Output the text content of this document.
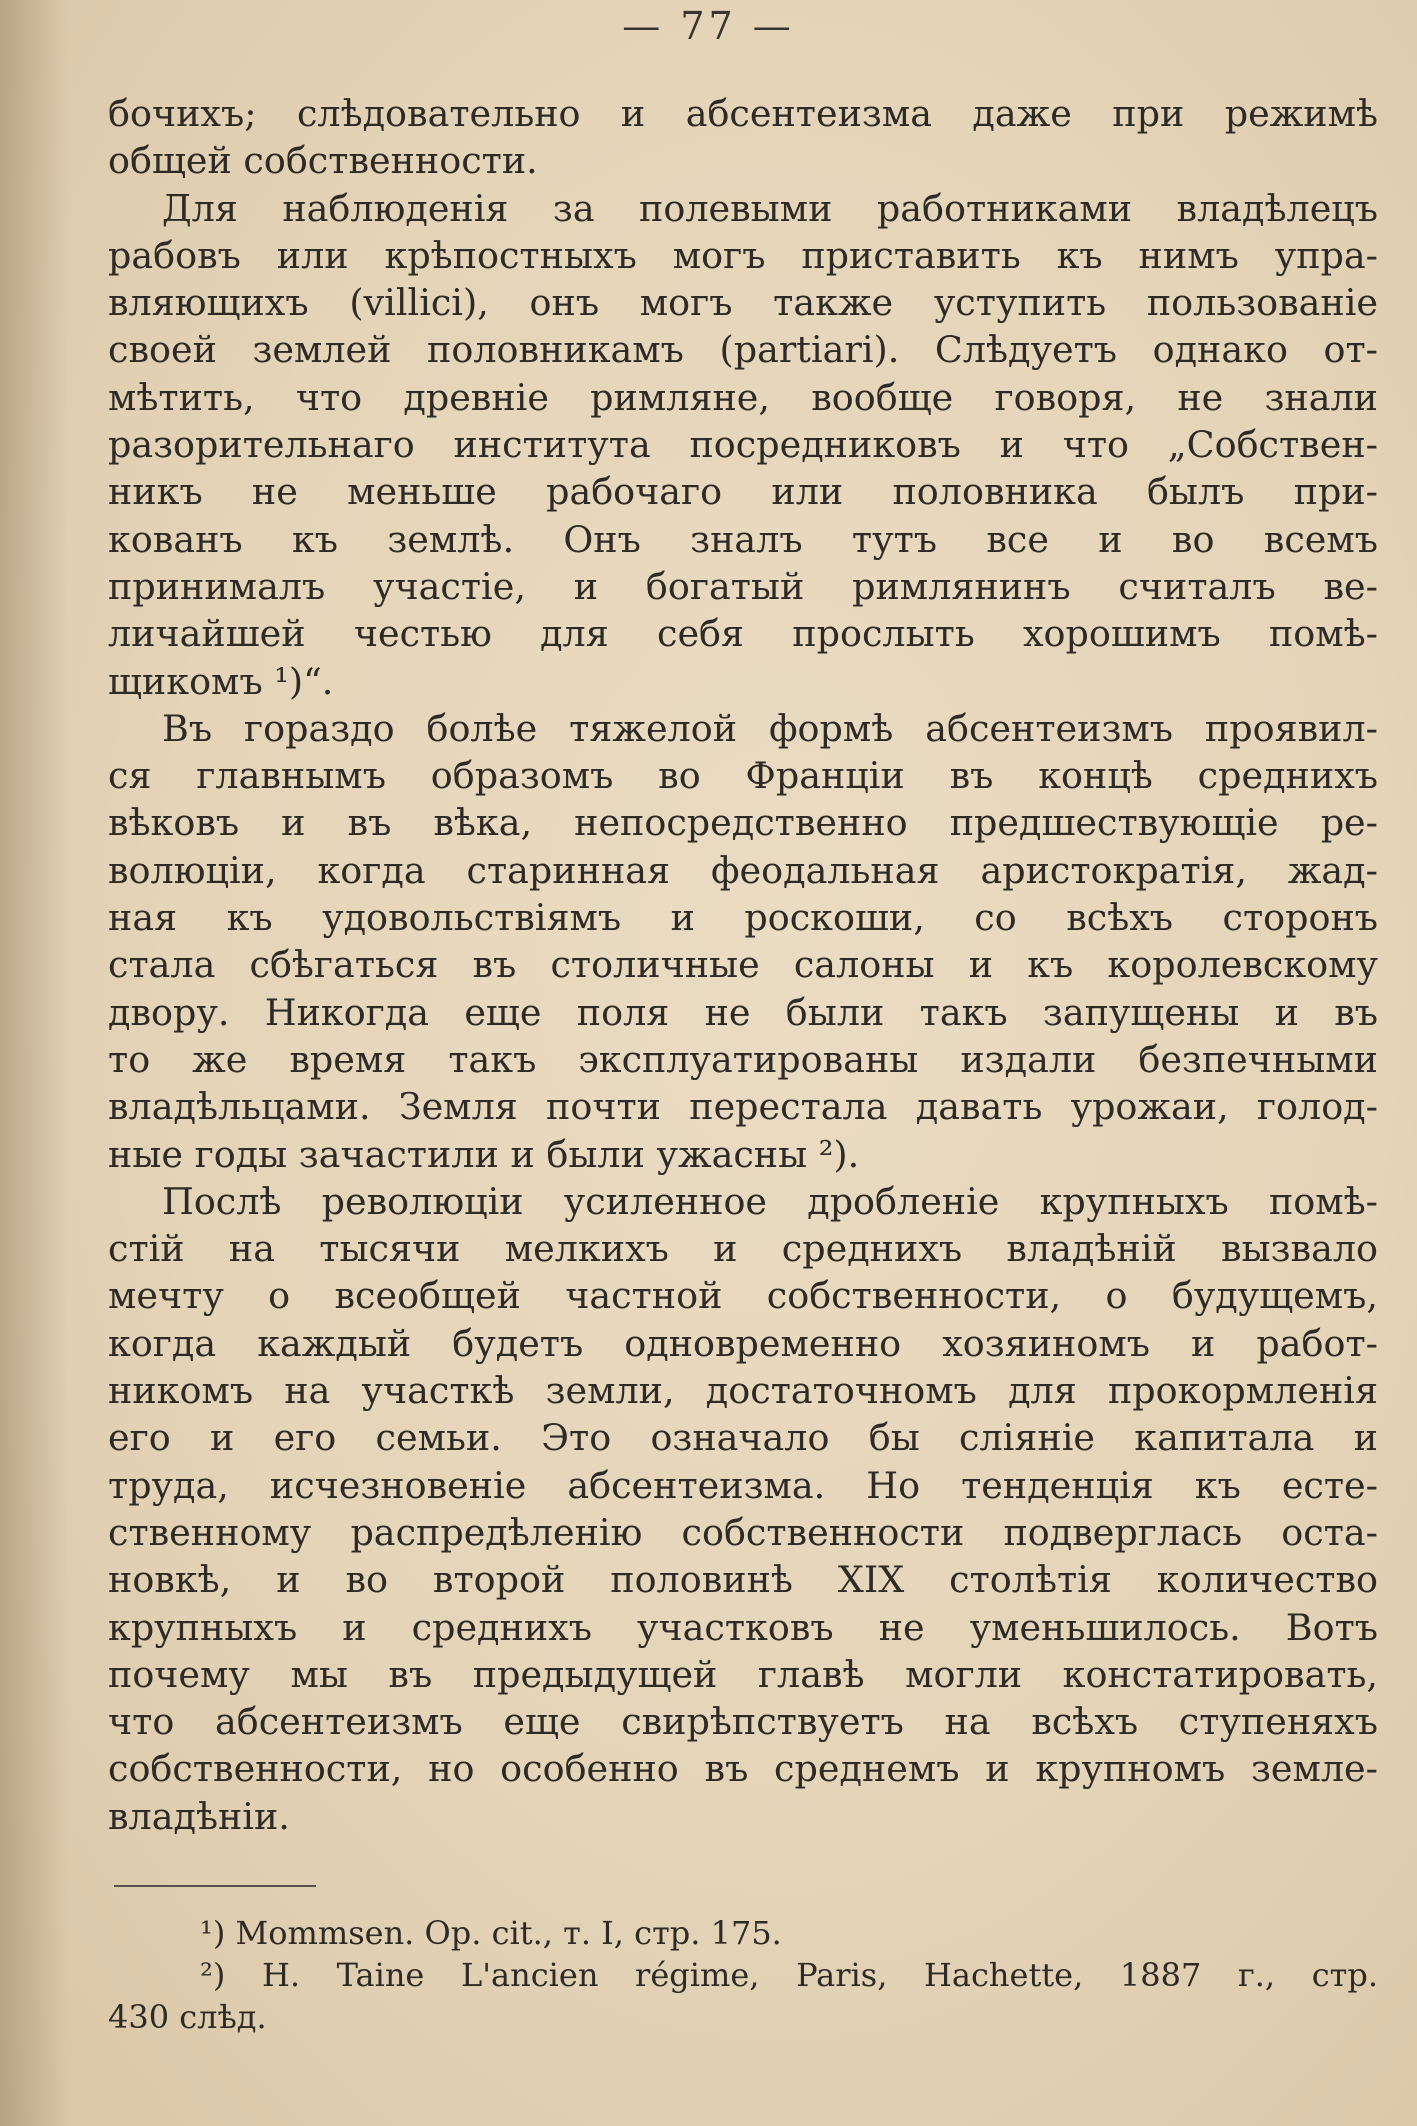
— 77 —
бочихъ; слѣдовательно и абсентеизма даже при режимѣ
общей собственности.
Для наблюденія за полевыми работниками владѣлецъ
рабовъ или крѣпостныхъ могъ приставить къ нимъ упра-
вляющихъ (villici), онъ могъ также уступить пользованіе
своей землей половникамъ (partiari). Слѣдуетъ однако от-
мѣтить, что древніе римляне, вообще говоря, не знали
разорительнаго института посредниковъ и что „Собствен-
никъ не меньше рабочаго или половника былъ при-
кованъ къ землѣ. Онъ зналъ тутъ все и во всемъ
принималъ участіе, и богатый римлянинъ считалъ ве-
личайшей честью для себя прослыть хорошимъ помѣ-
щикомъ ¹)“.
Въ гораздо болѣе тяжелой формѣ абсентеизмъ проявил-
ся главнымъ образомъ во Франціи въ концѣ среднихъ
вѣковъ и въ вѣка, непосредственно предшествующіе ре-
волюціи, когда старинная феодальная аристократія, жад-
ная къ удовольствіямъ и роскоши, со всѣхъ сторонъ
стала сбѣгаться въ столичные салоны и къ королевскому
двору. Никогда еще поля не были такъ запущены и въ
то же время такъ эксплуатированы издали безпечными
владѣльцами. Земля почти перестала давать урожаи, голод-
ные годы зачастили и были ужасны ²).
Послѣ революціи усиленное дробленіе крупныхъ помѣ-
стій на тысячи мелкихъ и среднихъ владѣній вызвало
мечту о всеобщей частной собственности, о будущемъ,
когда каждый будетъ одновременно хозяиномъ и работ-
никомъ на участкѣ земли, достаточномъ для прокормленія
его и его семьи. Это означало бы сліяніе капитала и
труда, исчезновеніе абсентеизма. Но тенденція къ есте-
ственному распредѣленію собственности подверглась оста-
новкѣ, и во второй половинѣ XIX столѣтія количество
крупныхъ и среднихъ участковъ не уменьшилось. Вотъ
почему мы въ предыдущей главѣ могли констатировать,
что абсентеизмъ еще свирѣпствуетъ на всѣхъ ступеняхъ
собственности, но особенно въ среднемъ и крупномъ земле-
владѣніи.
¹) Mommsen. Op. cit., т. I, стр. 175.
²) H. Taine L'ancien régime, Paris, Hachette, 1887 г., стр.
430 слѣд.
